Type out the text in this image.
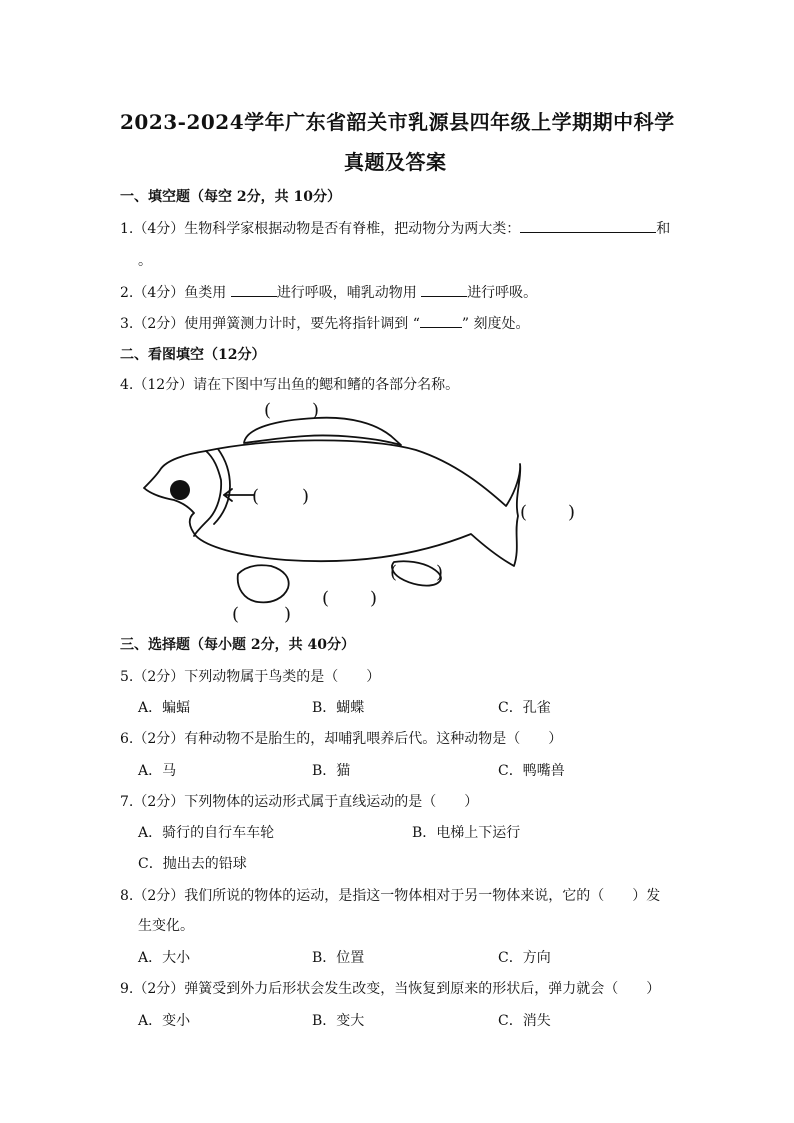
2023-2024学年广东省韶关市乳源县四年级上学期期中科学
真题及答案
一、填空题（每空 2分，共 10分）
1.（4分）生物科学家根据动物是否有脊椎，把动物分为两大类：	和
。
2.（4分）鱼类用	进行呼吸，哺乳动物用	进行呼吸。
3.（2分）使用弹簧测力计时，要先将指针调到 “	” 刻度处。
二、看图填空（12分）
4.（12分）请在下图中写出鱼的鳃和鳍的各部分名称。
( )
( )
( )
( )
( )
( )
三、选择题（每小题 2分，共 40分）
5.（2分）下列动物属于鸟类的是（　　）
A．蝙蝠	B．蝴蝶	C．孔雀
6.（2分）有种动物不是胎生的，却哺乳喂养后代。这种动物是（　　）
A．马	B．猫	C．鸭嘴兽
7.（2分）下列物体的运动形式属于直线运动的是（　　）
A．骑行的自行车车轮	B．电梯上下运行
C．抛出去的铅球
8.（2分）我们所说的物体的运动，是指这一物体相对于另一物体来说，它的（　　）发
生变化。
A．大小	B．位置	C．方向
9.（2分）弹簧受到外力后形状会发生改变，当恢复到原来的形状后，弹力就会（　　）
A．变小	B．变大	C．消失
